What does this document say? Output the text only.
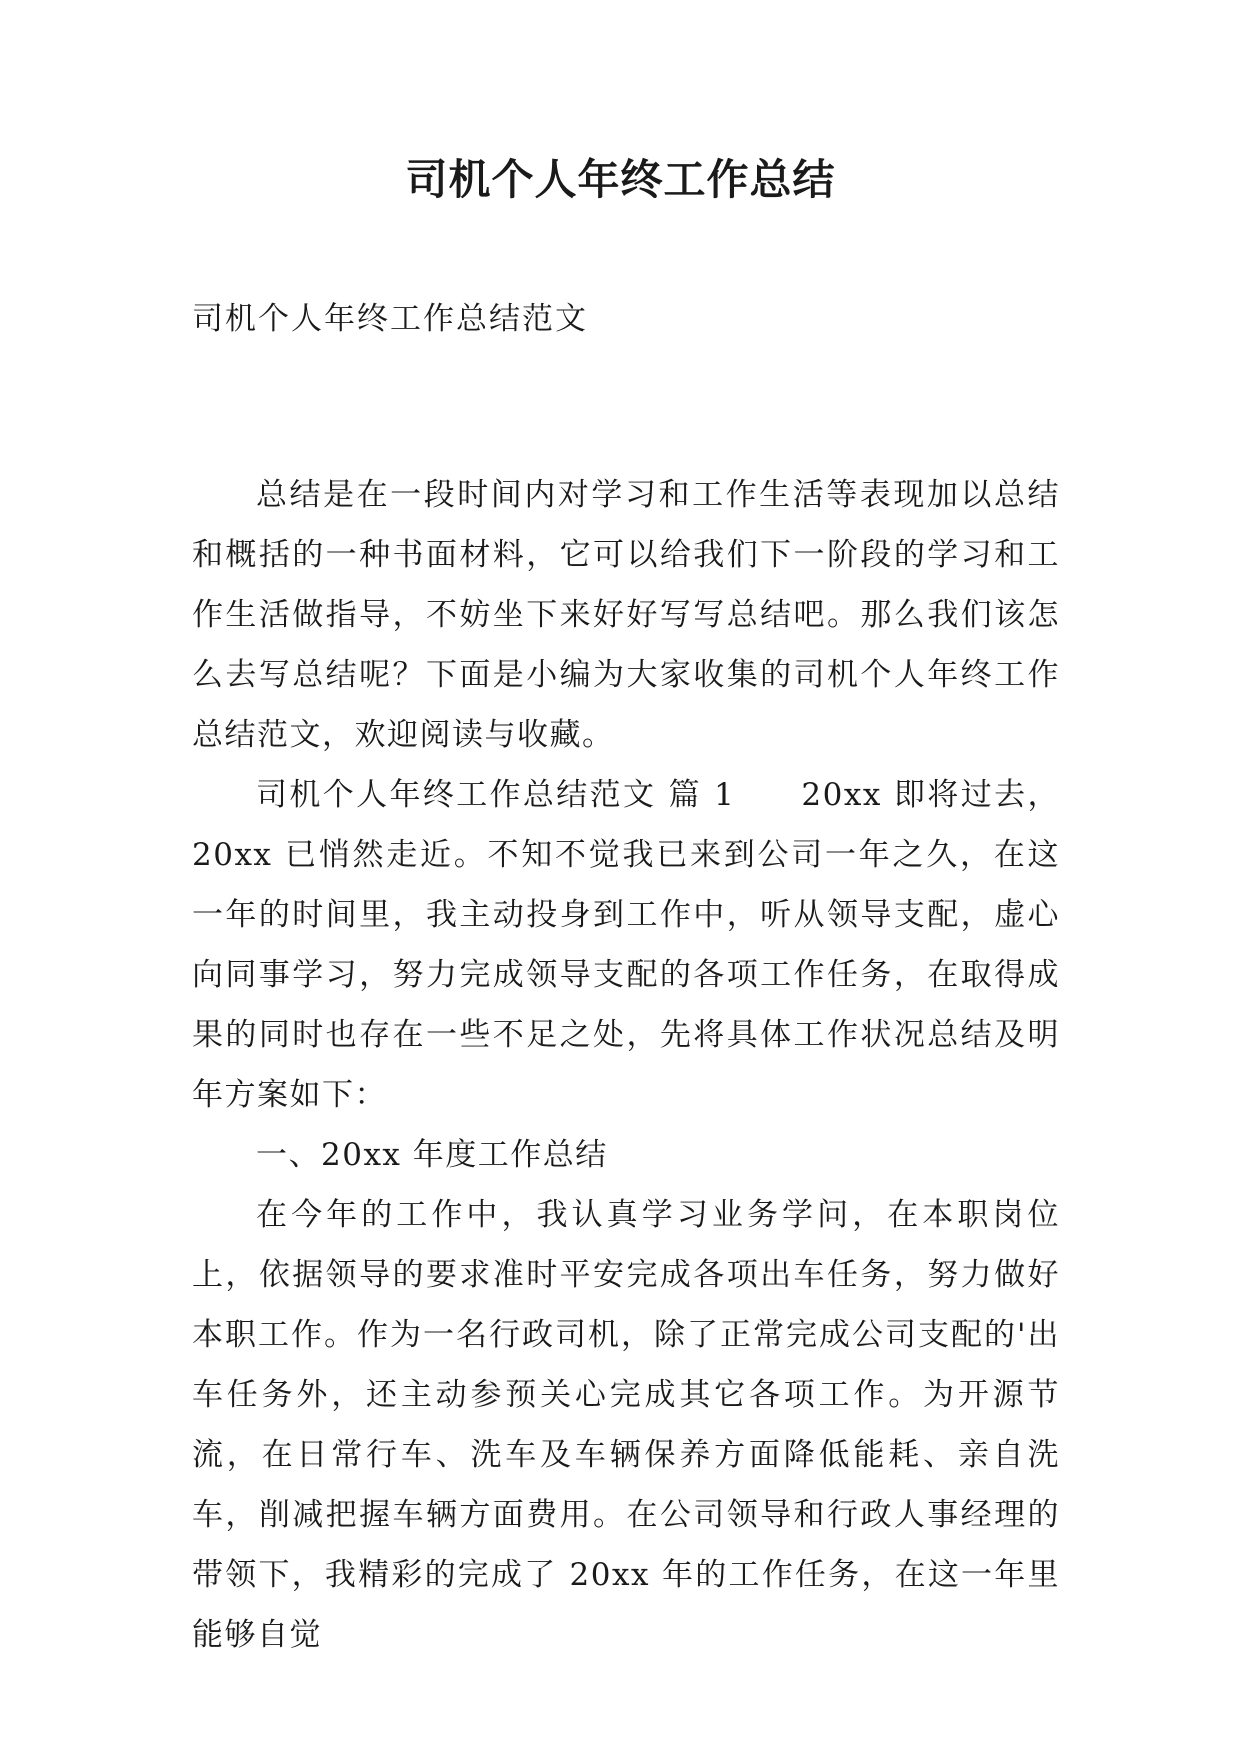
司机个人年终工作总结
司机个人年终工作总结范文

总结是在一段时间内对学习和工作生活等表现加以总结和概括的一种书面材料，它可以给我们下一阶段的学习和工作生活做指导，不妨坐下来好好写写总结吧。那么我们该怎么去写总结呢？下面是小编为大家收集的司机个人年终工作总结范文，欢迎阅读与收藏。

司机个人年终工作总结范文 篇 1 20xx 即将过去，20xx 已悄然走近。不知不觉我已来到公司一年之久，在这一年的时间里，我主动投身到工作中，听从领导支配，虚心向同事学习，努力完成领导支配的各项工作任务，在取得成果的同时也存在一些不足之处，先将具体工作状况总结及明年方案如下：

一、20xx 年度工作总结

在今年的工作中，我认真学习业务学问，在本职岗位上，依据领导的要求准时平安完成各项出车任务，努力做好本职工作。作为一名行政司机，除了正常完成公司支配的'出车任务外，还主动参预关心完成其它各项工作。为开源节流，在日常行车、洗车及车辆保养方面降低能耗、亲自洗车，削减把握车辆方面费用。在公司领导和行政人事经理的带领下，我精彩的完成了 20xx 年的工作任务，在这一年里能够自觉
